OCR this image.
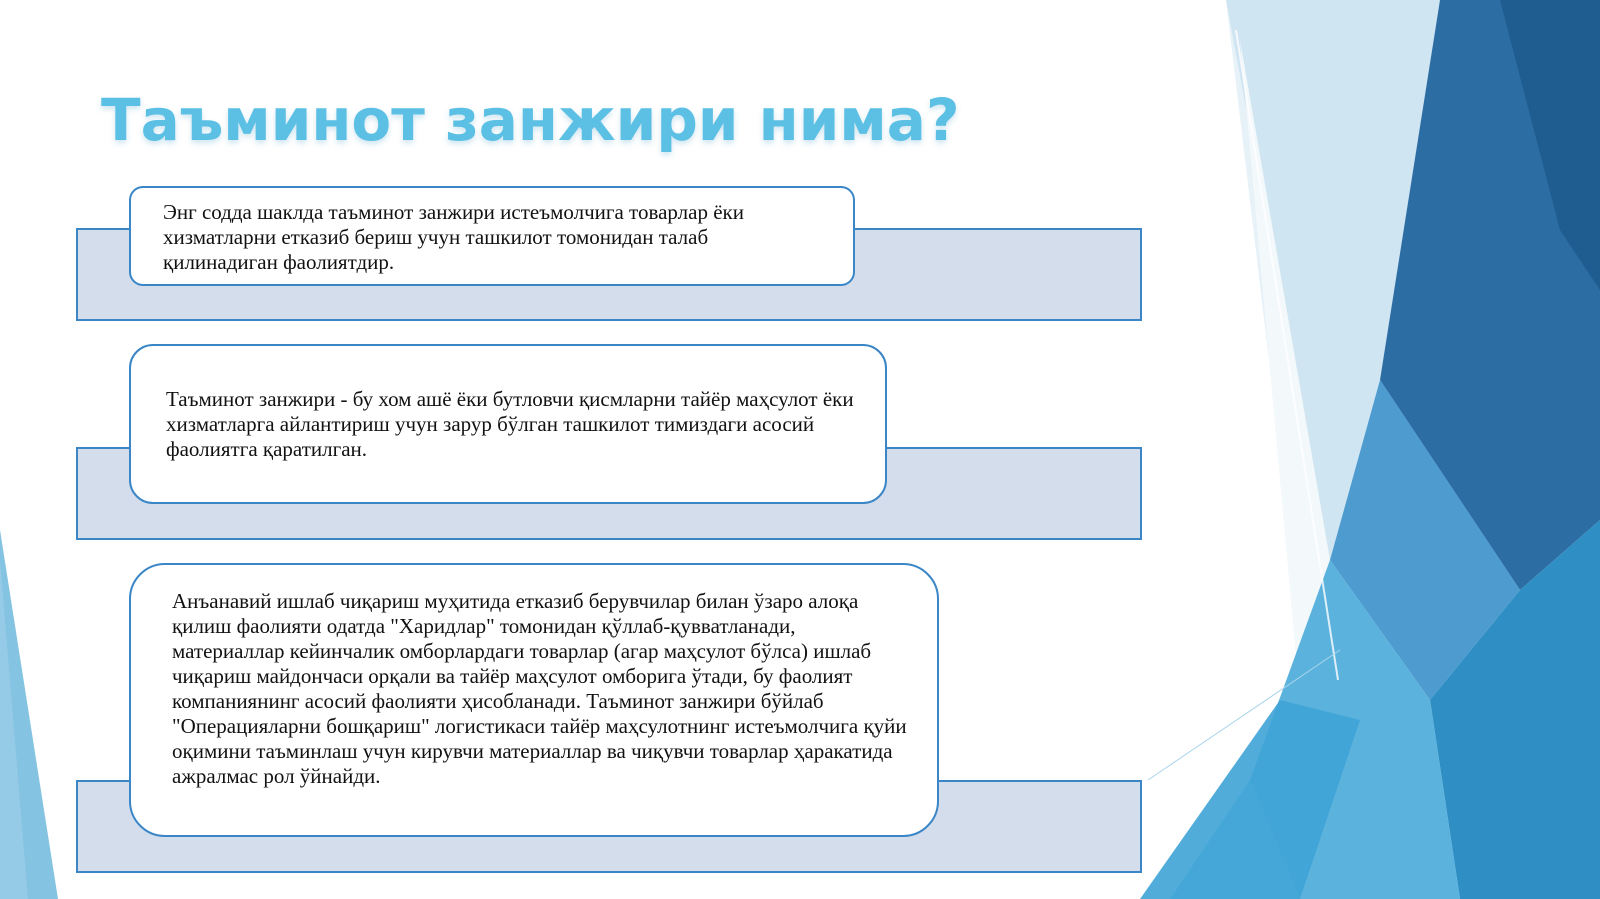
Таъминот занжири нима?

Энг содда шаклда таъминот занжири истеъмолчига товарлар ёки хизматларни етказиб бериш учун ташкилот томонидан талаб қилинадиган фаолиятдир.

Таъминот занжири - бу хом ашё ёки бутловчи қисмларни тайёр маҳсулот ёки хизматларга айлантириш учун зарур бўлган ташкилот тимиздаги асосий фаолиятга қаратилган.

Анъанавий ишлаб чиқариш муҳитида етказиб берувчилар билан ўзаро алоқа қилиш фаолияти одатда "Харидлар" томонидан қўллаб-қувватланади, материаллар кейинчалик омборлардаги товарлар (агар маҳсулот бўлса) ишлаб чиқариш майдончаси орқали ва тайёр маҳсулот омборига ўтади, бу фаолият компаниянинг асосий фаолияти ҳисобланади. Таъминот занжири бўйлаб "Операцияларни бошқариш" логистикаси тайёр маҳсулотнинг истеъмолчига қуйи оқимини таъминлаш учун кирувчи материаллар ва чиқувчи товарлар ҳаракатида ажралмас рол ўйнайди.
